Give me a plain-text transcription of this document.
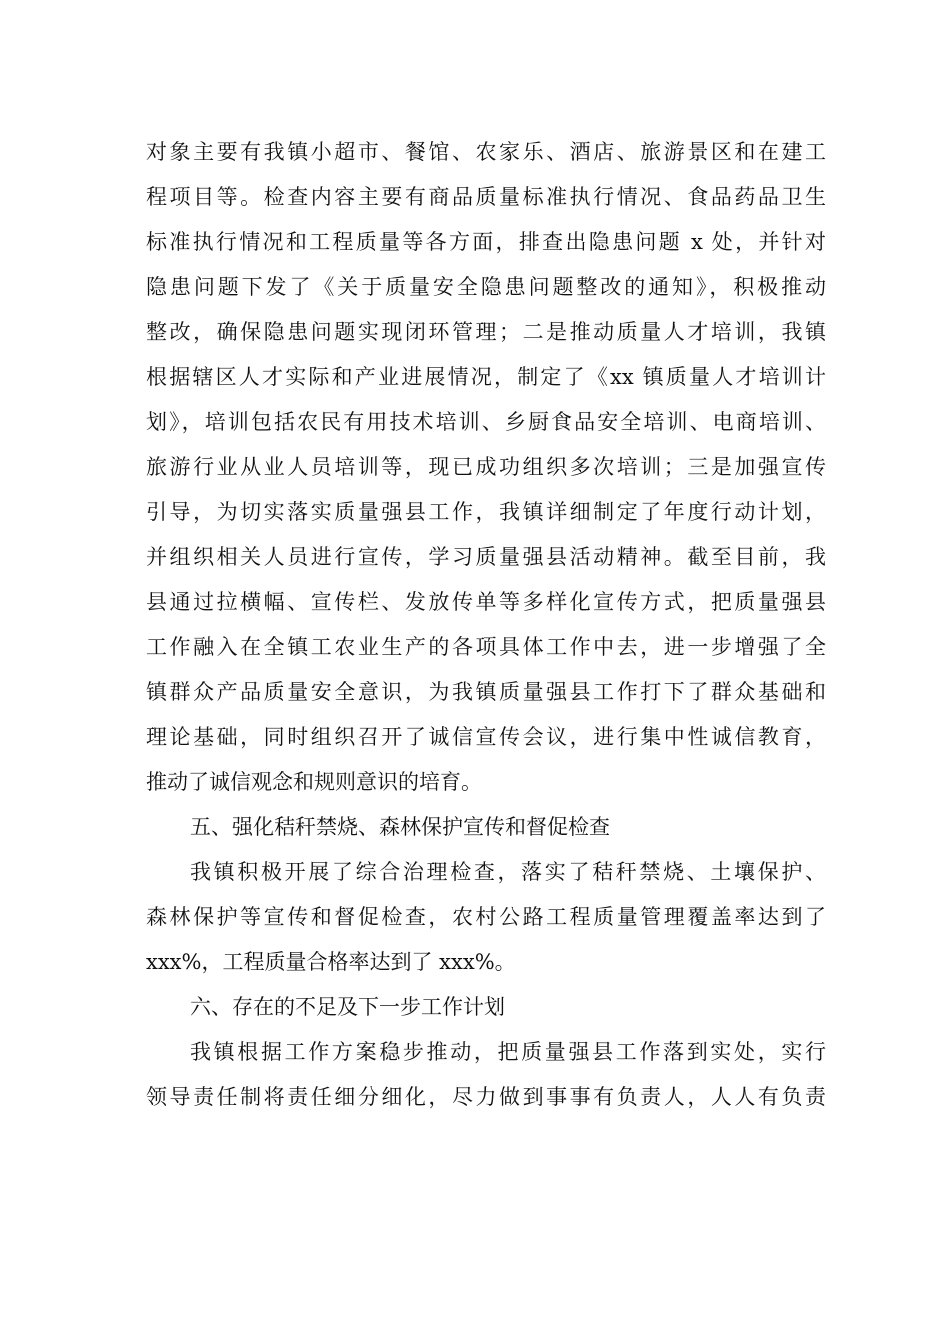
对象主要有我镇小超市、餐馆、农家乐、酒店、旅游景区和在建工
程项目等。检查内容主要有商品质量标准执行情况、食品药品卫生
标准执行情况和工程质量等各方面，排查出隐患问题 x 处，并针对
隐患问题下发了《关于质量安全隐患问题整改的通知》，积极推动
整改，确保隐患问题实现闭环管理；二是推动质量人才培训，我镇
根据辖区人才实际和产业进展情况，制定了《xx 镇质量人才培训计
划》，培训包括农民有用技术培训、乡厨食品安全培训、电商培训、
旅游行业从业人员培训等，现已成功组织多次培训；三是加强宣传
引导，为切实落实质量强县工作，我镇详细制定了年度行动计划，
并组织相关人员进行宣传，学习质量强县活动精神。截至目前，我
县通过拉横幅、宣传栏、发放传单等多样化宣传方式，把质量强县
工作融入在全镇工农业生产的各项具体工作中去，进一步增强了全
镇群众产品质量安全意识，为我镇质量强县工作打下了群众基础和
理论基础，同时组织召开了诚信宣传会议，进行集中性诚信教育，
推动了诚信观念和规则意识的培育。
五、强化秸秆禁烧、森林保护宣传和督促检查
我镇积极开展了综合治理检查，落实了秸秆禁烧、土壤保护、
森林保护等宣传和督促检查，农村公路工程质量管理覆盖率达到了
xxx%，工程质量合格率达到了 xxx%。
六、存在的不足及下一步工作计划
我镇根据工作方案稳步推动，把质量强县工作落到实处，实行
领导责任制将责任细分细化，尽力做到事事有负责人，人人有负责
